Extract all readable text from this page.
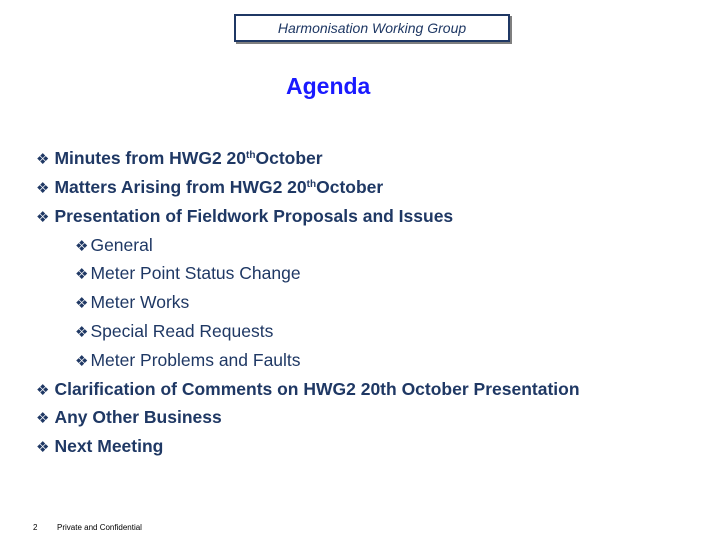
Harmonisation Working Group
Agenda
❖ Minutes from HWG2 20th October
❖ Matters Arising from HWG2 20th October
❖ Presentation of Fieldwork Proposals and Issues
❖ General
❖ Meter Point Status Change
❖ Meter Works
❖ Special Read Requests
❖ Meter Problems and Faults
❖ Clarification of Comments on HWG2 20th October Presentation
❖ Any Other Business
❖ Next Meeting
2 Private and Confidential
